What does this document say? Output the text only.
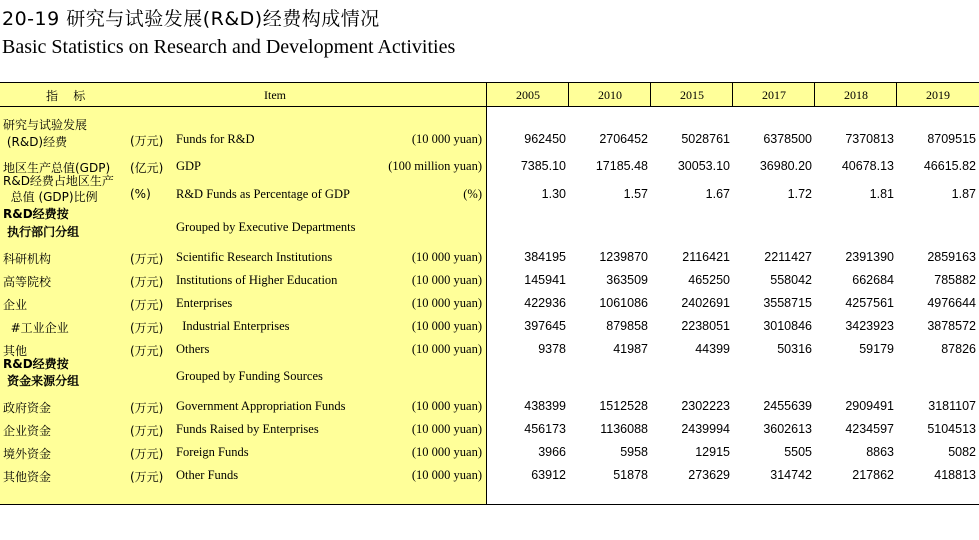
20-19 研究与试验发展(R&D)经费构成情况
Basic Statistics on Research and Development Activities
指    标	Item	2005	2010	2015	2017	2018	2019
研究与试验发展
(R&D)经费	(万元) Funds for R&D	(10 000 yuan)	962450	2706452	5028761	6378500	7370813	8709515
地区生产总值(GDP) (亿元) GDP	(100 million yuan)	7385.10	17185.48	30053.10	36980.20	40678.13	46615.82
R&D经费占地区生产
总值 (GDP)比例	(%) R&D Funds as Percentage of GDP	(%)	1.30	1.57	1.67	1.72	1.81	1.87
R&D经费按
执行部门分组	Grouped by Executive Departments
科研机构	(万元) Scientific Research Institutions	(10 000 yuan)	384195	1239870	2116421	2211427	2391390	2859163
高等院校	(万元) Institutions of Higher Education	(10 000 yuan)	145941	363509	465250	558042	662684	785882
企业	(万元) Enterprises	(10 000 yuan)	422936	1061086	2402691	3558715	4257561	4976644
#工业企业	(万元) Industrial Enterprises	(10 000 yuan)	397645	879858	2238051	3010846	3423923	3878572
其他	(万元) Others	(10 000 yuan)	9378	41987	44399	50316	59179	87826
R&D经费按
资金来源分组	Grouped by Funding Sources
政府资金	(万元) Government Appropriation Funds	(10 000 yuan)	438399	1512528	2302223	2455639	2909491	3181107
企业资金	(万元) Funds Raised by Enterprises	(10 000 yuan)	456173	1136088	2439994	3602613	4234597	5104513
境外资金	(万元) Foreign Funds	(10 000 yuan)	3966	5958	12915	5505	8863	5082
其他资金	(万元) Other Funds	(10 000 yuan)	63912	51878	273629	314742	217862	418813
